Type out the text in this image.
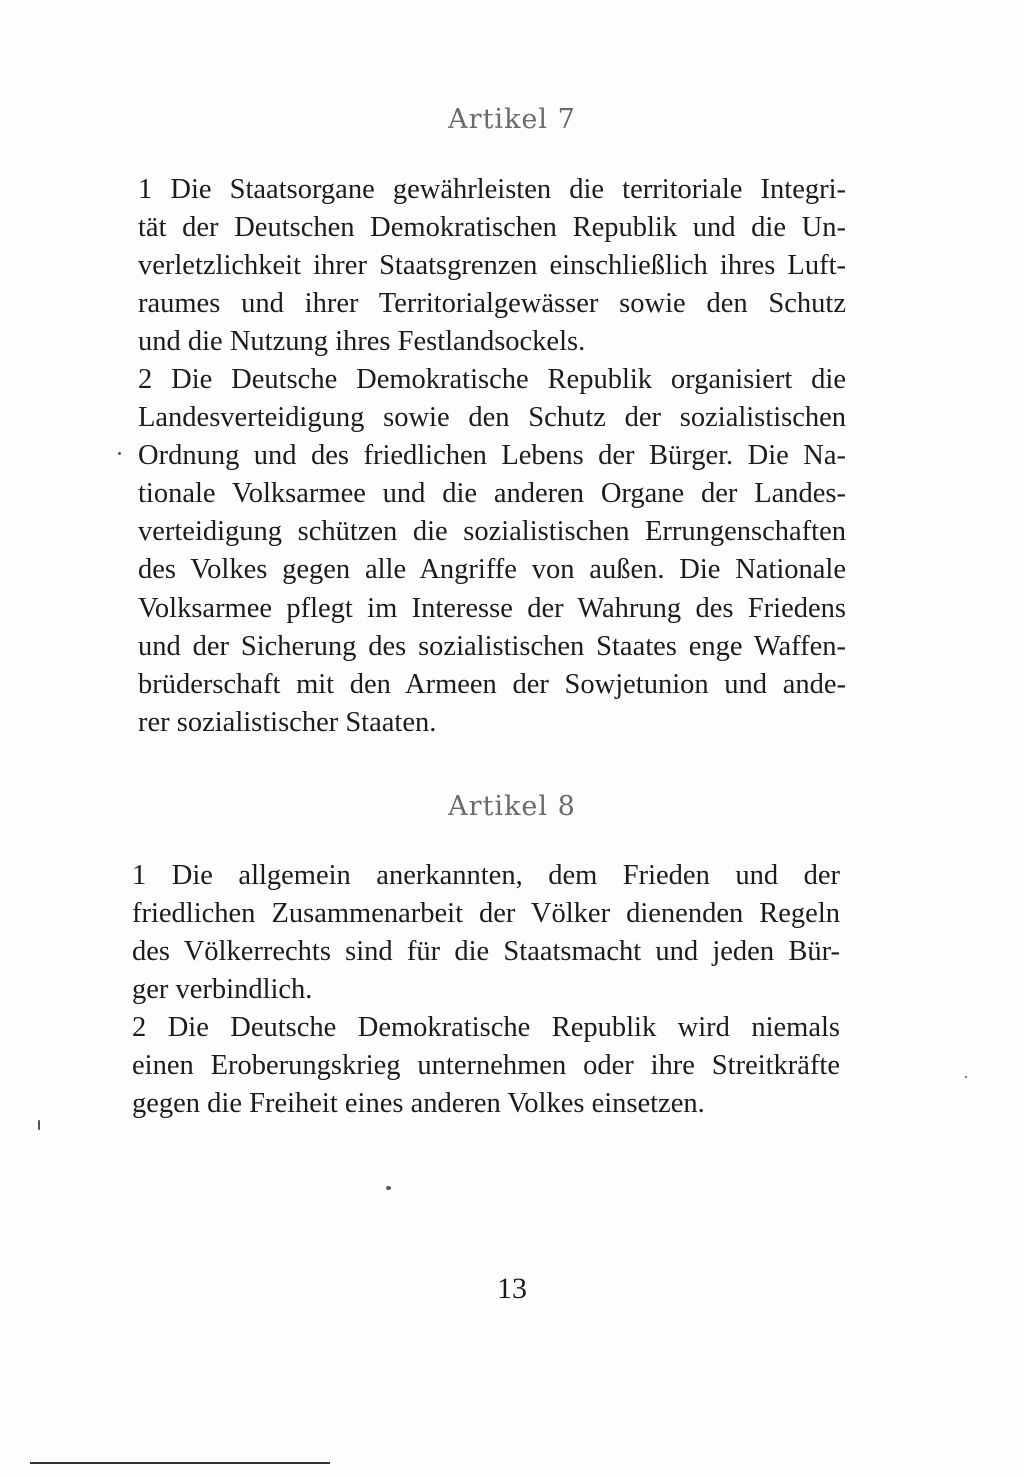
Artikel 7

1 Die Staatsorgane gewährleisten die territoriale Integri-
tät der Deutschen Demokratischen Republik und die Un-
verletzlichkeit ihrer Staatsgrenzen einschließlich ihres Luft-
raumes und ihrer Territorialgewässer sowie den Schutz
und die Nutzung ihres Festlandsockels.

2 Die Deutsche Demokratische Republik organisiert die
Landesverteidigung sowie den Schutz der sozialistischen
Ordnung und des friedlichen Lebens der Bürger. Die Na-
tionale Volksarmee und die anderen Organe der Landes-
verteidigung schützen die sozialistischen Errungenschaften
des Volkes gegen alle Angriffe von außen. Die Nationale
Volksarmee pflegt im Interesse der Wahrung des Friedens
und der Sicherung des sozialistischen Staates enge Waffen-
brüderschaft mit den Armeen der Sowjetunion und ande-
rer sozialistischer Staaten.

Artikel 8

1 Die allgemein anerkannten, dem Frieden und der
friedlichen Zusammenarbeit der Völker dienenden Regeln
des Völkerrechts sind für die Staatsmacht und jeden Bür-
ger verbindlich.

2 Die Deutsche Demokratische Republik wird niemals
einen Eroberungskrieg unternehmen oder ihre Streitkräfte
gegen die Freiheit eines anderen Volkes einsetzen.

13
